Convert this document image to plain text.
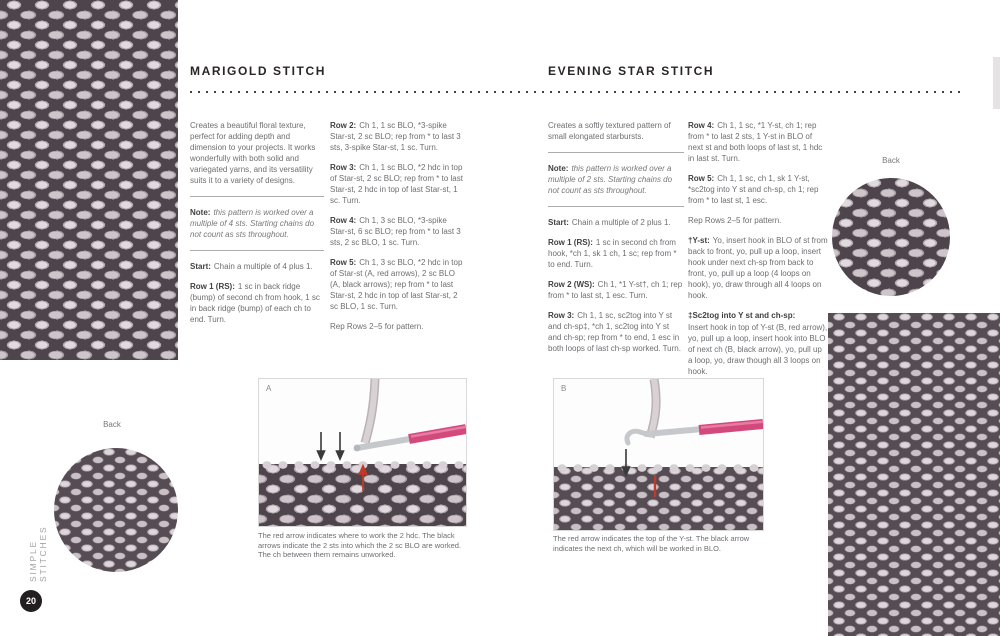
Back
Back
MARIGOLD STITCH	EVENING STAR STITCH

Creates a beautiful floral texture, perfect for adding depth and dimension to your projects. It works wonderfully with both solid and variegated yarns, and its versatility suits it to a variety of designs.

Note: this pattern is worked over a multiple of 4 sts. Starting chains do not count as sts throughout.

Start: Chain a multiple of 4 plus 1.

Row 1 (RS): 1 sc in back ridge (bump) of second ch from hook, 1 sc in back ridge (bump) of each ch to end. Turn.

Row 2: Ch 1, 1 sc BLO, *3-spike Star-st, 2 sc BLO; rep from * to last 3 sts, 3-spike Star-st, 1 sc. Turn.

Row 3: Ch 1, 1 sc BLO, *2 hdc in top of Star-st, 2 sc BLO; rep from * to last Star-st, 2 hdc in top of last Star-st, 1 sc. Turn.

Row 4: Ch 1, 3 sc BLO, *3-spike Star-st, 6 sc BLO; rep from * to last 3 sts, 2 sc BLO, 1 sc. Turn.

Row 5: Ch 1, 3 sc BLO, *2 hdc in top of Star-st (A, red arrows), 2 sc BLO (A, black arrows); rep from * to last Star-st, 2 hdc in top of last Star-st, 2 sc BLO, 1 sc. Turn.

Rep Rows 2–5 for pattern.

Creates a softly textured pattern of small elongated starbursts.

Note: this pattern is worked over a multiple of 2 sts. Starting chains do not count as sts throughout.

Start: Chain a multiple of 2 plus 1.

Row 1 (RS): 1 sc in second ch from hook, *ch 1, sk 1 ch, 1 sc; rep from * to end. Turn.

Row 2 (WS): Ch 1, *1 Y-st†, ch 1; rep from * to last st, 1 esc. Turn.

Row 3: Ch 1, 1 sc, sc2tog into Y st and ch-sp‡, *ch 1, sc2tog into Y st and ch-sp; rep from * to end, 1 esc in both loops of last ch-sp worked. Turn.

Row 4: Ch 1, 1 sc, *1 Y-st, ch 1; rep from * to last 2 sts, 1 Y-st in BLO of next st and both loops of last st, 1 hdc in last st. Turn.

Row 5: Ch 1, 1 sc, ch 1, sk 1 Y-st, *sc2tog into Y st and ch-sp, ch 1; rep from * to last st, 1 esc.

Rep Rows 2–5 for pattern.

†Y-st: Yo, insert hook in BLO of st from back to front, yo, pull up a loop, insert hook under next ch-sp from back to front, yo, pull up a loop (4 loops on hook), yo, draw through all 4 loops on hook.

‡Sc2tog into Y st and ch-sp:
Insert hook in top of Y-st (B, red arrow), yo, pull up a loop, insert hook into BLO of next ch (B, black arrow), yo, pull up a loop, yo, draw though all 3 loops on hook.

A
The red arrow indicates where to work the 2 hdc. The black arrows indicate the 2 sts into which the 2 sc BLO are worked. The ch between them remains unworked.
B
The red arrow indicates the top of the Y-st. The black arrow indicates the next ch, which will be worked in BLO.
SIMPLE STITCHES
20
